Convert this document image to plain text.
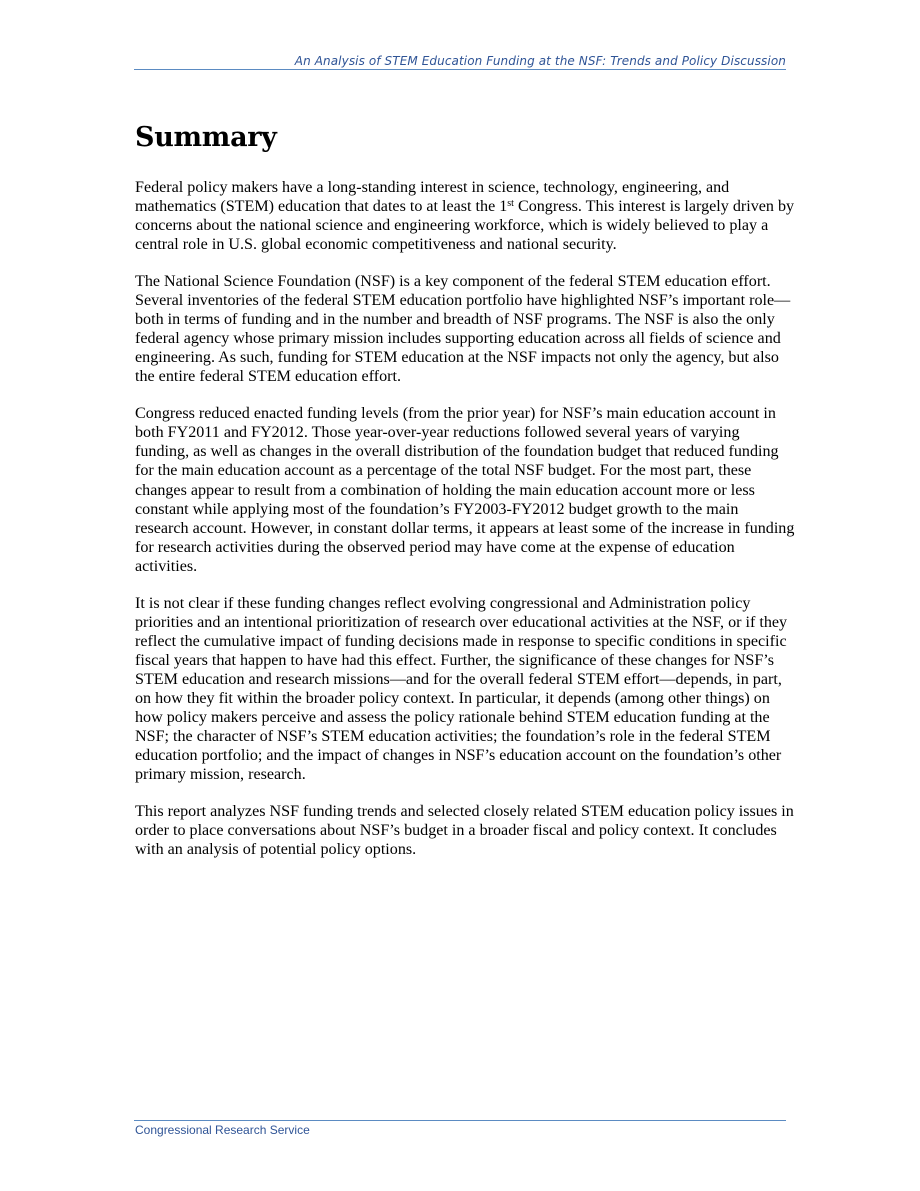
An Analysis of STEM Education Funding at the NSF: Trends and Policy Discussion
Summary

Federal policy makers have a long-standing interest in science, technology, engineering, and mathematics (STEM) education that dates to at least the 1st Congress. This interest is largely driven by concerns about the national science and engineering workforce, which is widely believed to play a central role in U.S. global economic competitiveness and national security.

The National Science Foundation (NSF) is a key component of the federal STEM education effort. Several inventories of the federal STEM education portfolio have highlighted NSF’s important role—both in terms of funding and in the number and breadth of NSF programs. The NSF is also the only federal agency whose primary mission includes supporting education across all fields of science and engineering. As such, funding for STEM education at the NSF impacts not only the agency, but also the entire federal STEM education effort.

Congress reduced enacted funding levels (from the prior year) for NSF’s main education account in both FY2011 and FY2012. Those year-over-year reductions followed several years of varying funding, as well as changes in the overall distribution of the foundation budget that reduced funding for the main education account as a percentage of the total NSF budget. For the most part, these changes appear to result from a combination of holding the main education account more or less constant while applying most of the foundation’s FY2003-FY2012 budget growth to the main research account. However, in constant dollar terms, it appears at least some of the increase in funding for research activities during the observed period may have come at the expense of education activities.

It is not clear if these funding changes reflect evolving congressional and Administration policy priorities and an intentional prioritization of research over educational activities at the NSF, or if they reflect the cumulative impact of funding decisions made in response to specific conditions in specific fiscal years that happen to have had this effect. Further, the significance of these changes for NSF’s STEM education and research missions—and for the overall federal STEM effort—depends, in part, on how they fit within the broader policy context. In particular, it depends (among other things) on how policy makers perceive and assess the policy rationale behind STEM education funding at the NSF; the character of NSF’s STEM education activities; the foundation’s role in the federal STEM education portfolio; and the impact of changes in NSF’s education account on the foundation’s other primary mission, research.

This report analyzes NSF funding trends and selected closely related STEM education policy issues in order to place conversations about NSF’s budget in a broader fiscal and policy context. It concludes with an analysis of potential policy options.

Congressional Research Service
